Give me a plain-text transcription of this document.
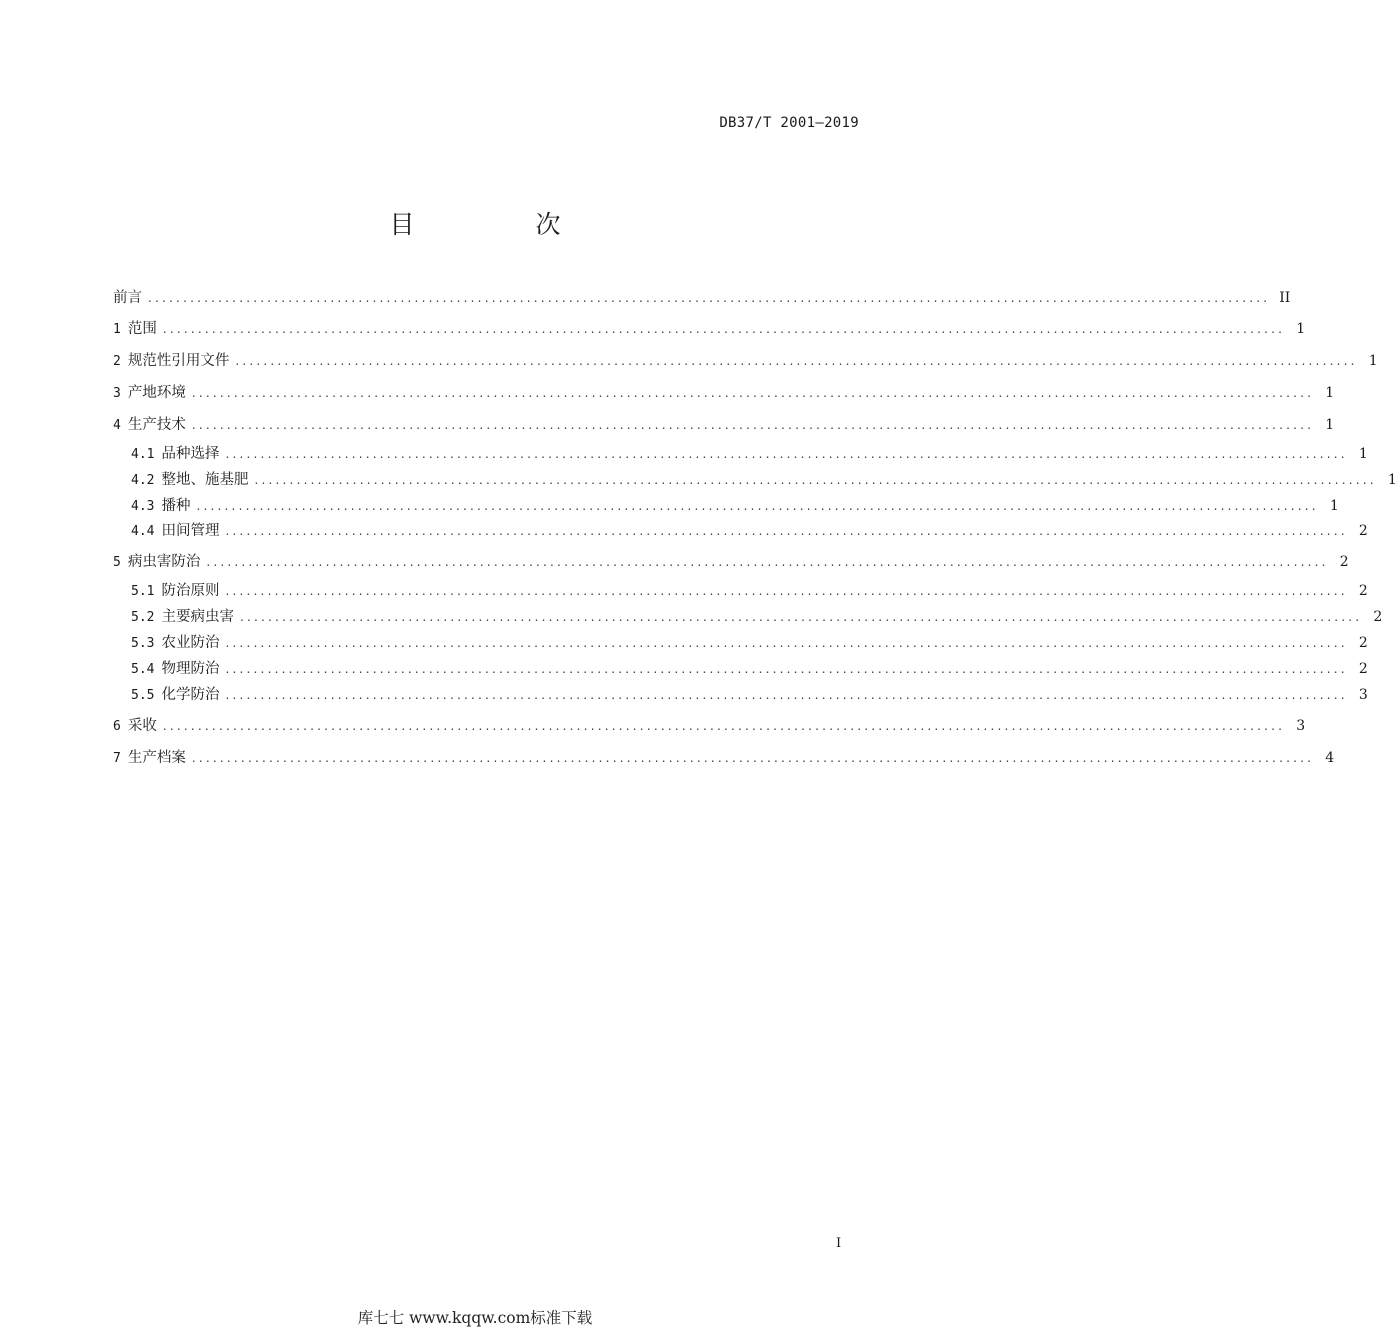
DB37/T 2001—2019
目　次
前言 ................................................................................................................................................................ II
1 范围 ................................................................................................................................................................ 1
2 规范性引用文件 ................................................................................................................................................................ 1
3 产地环境 ................................................................................................................................................................ 1
4 生产技术 ................................................................................................................................................................ 1
4.1 品种选择 ................................................................................................................................................................ 1
4.2 整地、施基肥 ................................................................................................................................................................ 1
4.3 播种 ................................................................................................................................................................ 1
4.4 田间管理 ................................................................................................................................................................ 2
5 病虫害防治 ................................................................................................................................................................ 2
5.1 防治原则 ................................................................................................................................................................ 2
5.2 主要病虫害 ................................................................................................................................................................ 2
5.3 农业防治 ................................................................................................................................................................ 2
5.4 物理防治 ................................................................................................................................................................ 2
5.5 化学防治 ................................................................................................................................................................ 3
6 采收 ................................................................................................................................................................ 3
7 生产档案 ................................................................................................................................................................ 4
I
库七七 www.kqqw.com标准下载
